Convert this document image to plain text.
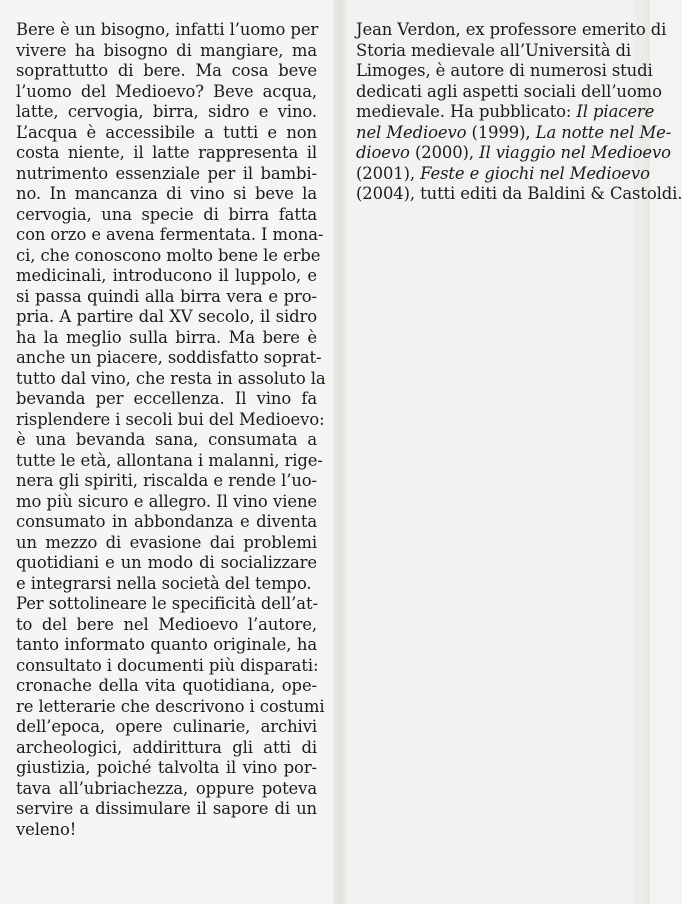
Bere è un bisogno, infatti l’uomo per
vivere ha bisogno di mangiare, ma
soprattutto di bere. Ma cosa beve
l’uomo del Medioevo? Beve acqua,
latte, cervogia, birra, sidro e vino.
L’acqua è accessibile a tutti e non
costa niente, il latte rappresenta il
nutrimento essenziale per il bambi-
no. In mancanza di vino si beve la
cervogia, una specie di birra fatta
con orzo e avena fermentata. I mona-
ci, che conoscono molto bene le erbe
medicinali, introducono il luppolo, e
si passa quindi alla birra vera e pro-
pria. A partire dal XV secolo, il sidro
ha la meglio sulla birra. Ma bere è
anche un piacere, soddisfatto soprat-
tutto dal vino, che resta in assoluto la
bevanda per eccellenza. Il vino fa
risplendere i secoli bui del Medioevo:
è una bevanda sana, consumata a
tutte le età, allontana i malanni, rige-
nera gli spiriti, riscalda e rende l’uo-
mo più sicuro e allegro. Il vino viene
consumato in abbondanza e diventa
un mezzo di evasione dai problemi
quotidiani e un modo di socializzare
e integrarsi nella società del tempo.
Per sottolineare le specificità dell’at-
to del bere nel Medioevo l’autore,
tanto informato quanto originale, ha
consultato i documenti più disparati:
cronache della vita quotidiana, ope-
re letterarie che descrivono i costumi
dell’epoca, opere culinarie, archivi
archeologici, addirittura gli atti di
giustizia, poiché talvolta il vino por-
tava all’ubriachezza, oppure poteva
servire a dissimulare il sapore di un
veleno!
Jean Verdon, ex professore emerito di
Storia medievale all’Università di
Limoges, è autore di numerosi studi
dedicati agli aspetti sociali dell’uomo
medievale. Ha pubblicato: Il piacere
nel Medioevo (1999), La notte nel Me-
dioevo (2000), Il viaggio nel Medioevo
(2001), Feste e giochi nel Medioevo
(2004), tutti editi da Baldini & Castoldi.
